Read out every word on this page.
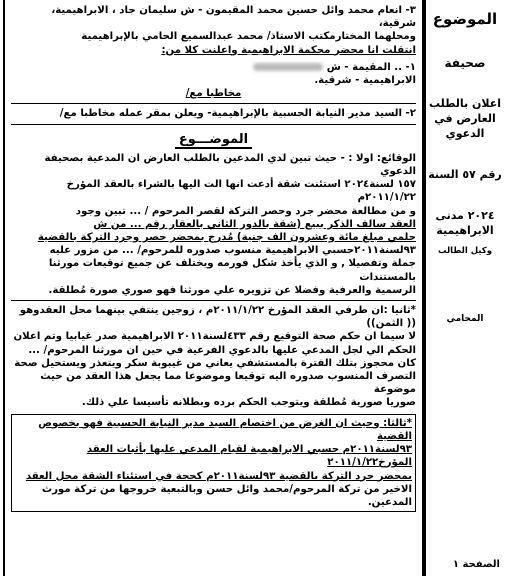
الموضوع
صحيفة
اعلان بالطلب العارض في الدعوي
رقم ٥٧ السنة
٢٠٢٤ مدنى الابراهيمية
وكيل الطالب
المحامي
الصفحة ١

٣- انعام محمد وائل حسين محمد المقيمون - ش سليمان جاد ، الابراهيمية، شرقية،

ومحلهما المختارمكتب الاستاذ/ محمد عبدالسميع الحامي بالإبراهيمية

انتقلت انا محضر محكمة الابراهيمية واعلنت كلا من:

١- .. المقيمة - ش

الابراهيمية - شرقية.

مخاطبا مع/

٢- السيد مدير النيابة الحسبية بالإبراهيمية- ويعلن بمقر عمله مخاطبا مع/

الموضـــوع

الوقائع: اولا : - حيث تبين لدي المدعين بالطلب العارض ان المدعية بصحيفة الدعوي

١٥٧ لسنة٢٠٢٤ استئنت شقة أدعت انها الت اليها بالشراء بالعقد المؤرخ ٢٠١١/١/٢٢م

و من مطالعة محضر جرد وحصر التركة لقصر المرحوم / ... تبين وجود

العقد سالف الذكر ببيع (شقة بالدور الثاني بالعقار رقم ... من ش

حلمي مبلغ مائة وعشرون الف جنية) مُدرج بمحضر حصر وجرد التركة بالقضية

٩٣لسنة٢٠١١حسبي الابراهيمية منسوب صدوره للمرحوم/ ... من مزور عليه

جملة وتفصيلا , و الذي يأخذ شكل فورمه ويختلف عن جميع توقيعات مورثنا بالمستندات

الرسمية والعرفية وفضلا عن تزويره علي مورثنا فهو صوري صورة مُطلقة.

*ثانيا :ان طرفي العقد المؤرخ ٢٠١١/١/٢٢م ، زوجين ينتفي بينهما محل العقدوهو (( الثمن))

لا سيما ان حكم صحة التوقيع رقم ٤٣٣لسنة٢٠١١ الابراهيمية صدر غيابيا وتم اعلان

الحكم الي لجل المدعي عليها بالدعوي الفرعية في حين ان مورثنا المرحوم/ ...

كان محجوز بتلك الفترة بالمستشفي يعاني من غيبوبة سكر ويتعذر ويستحيل صحة

التصرف المنسوب صدوره اليه توقيعا وموضوعا مما يجعل هذا العقد من حيث موضوعة

صوريا صورية مُطلقة ويتوجب الحكم برده وبطلانه تأسيسا علي ذلك.

*ثالثا: وحيث ان الغرض من اختصام السيد مدير النيابة الحسبية فهو بخصوص القضية

٩٣لسنة٢٠١١م حسبي الابراهيمية لقيام المدعي عليها بأثبات العقد المؤرخ٢٠١١/١/٢٢

بمحضر جرد التركة بالقضية ٩٣لسنة٢٠١١م كحجة في استئناء الشقة محل العقد

الاخير من تركة المرحوم/محمد وائل حسن وبالتبعية خروجها من تركة مورث المدعين.
